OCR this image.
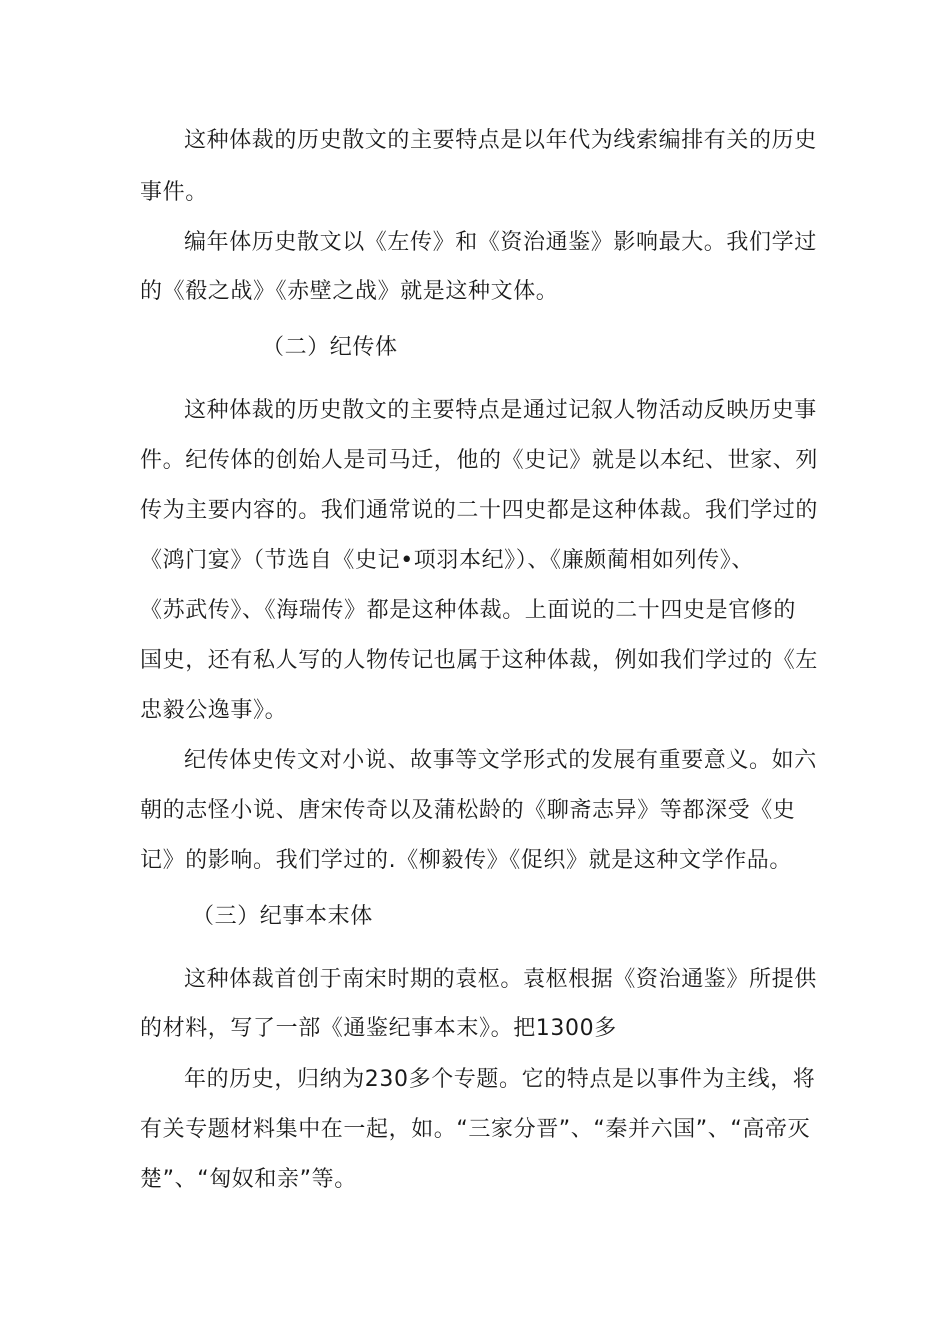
这种体裁的历史散文的主要特点是以年代为线索编排有关的历史
事件。
编年体历史散文以《左传》和《资治通鉴》影响最大。我们学过
的《殽之战》《赤壁之战》就是这种文体。
（二）纪传体
这种体裁的历史散文的主要特点是通过记叙人物活动反映历史事
件。纪传体的创始人是司马迁，他的《史记》就是以本纪、世家、列
传为主要内容的。我们通常说的二十四史都是这种体裁。我们学过的
《鸿门宴》（节选自《史记•项羽本纪》）、《廉颇蔺相如列传》、
《苏武传》、《海瑞传》都是这种体裁。上面说的二十四史是官修的
国史，还有私人写的人物传记也属于这种体裁，例如我们学过的《左
忠毅公逸事》。
纪传体史传文对小说、故事等文学形式的发展有重要意义。如六
朝的志怪小说、唐宋传奇以及蒲松龄的《聊斋志异》等都深受《史
记》的影响。我们学过的.《柳毅传》《促织》就是这种文学作品。
（三）纪事本末体
这种体裁首创于南宋时期的袁枢。袁枢根据《资治通鉴》所提供
的材料，写了一部《通鉴纪事本末》。把1300多
年的历史，归纳为230多个专题。它的特点是以事件为主线，将
有关专题材料集中在一起，如。“三家分晋”、“秦并六国”、“高帝灭
楚”、“匈奴和亲”等。
